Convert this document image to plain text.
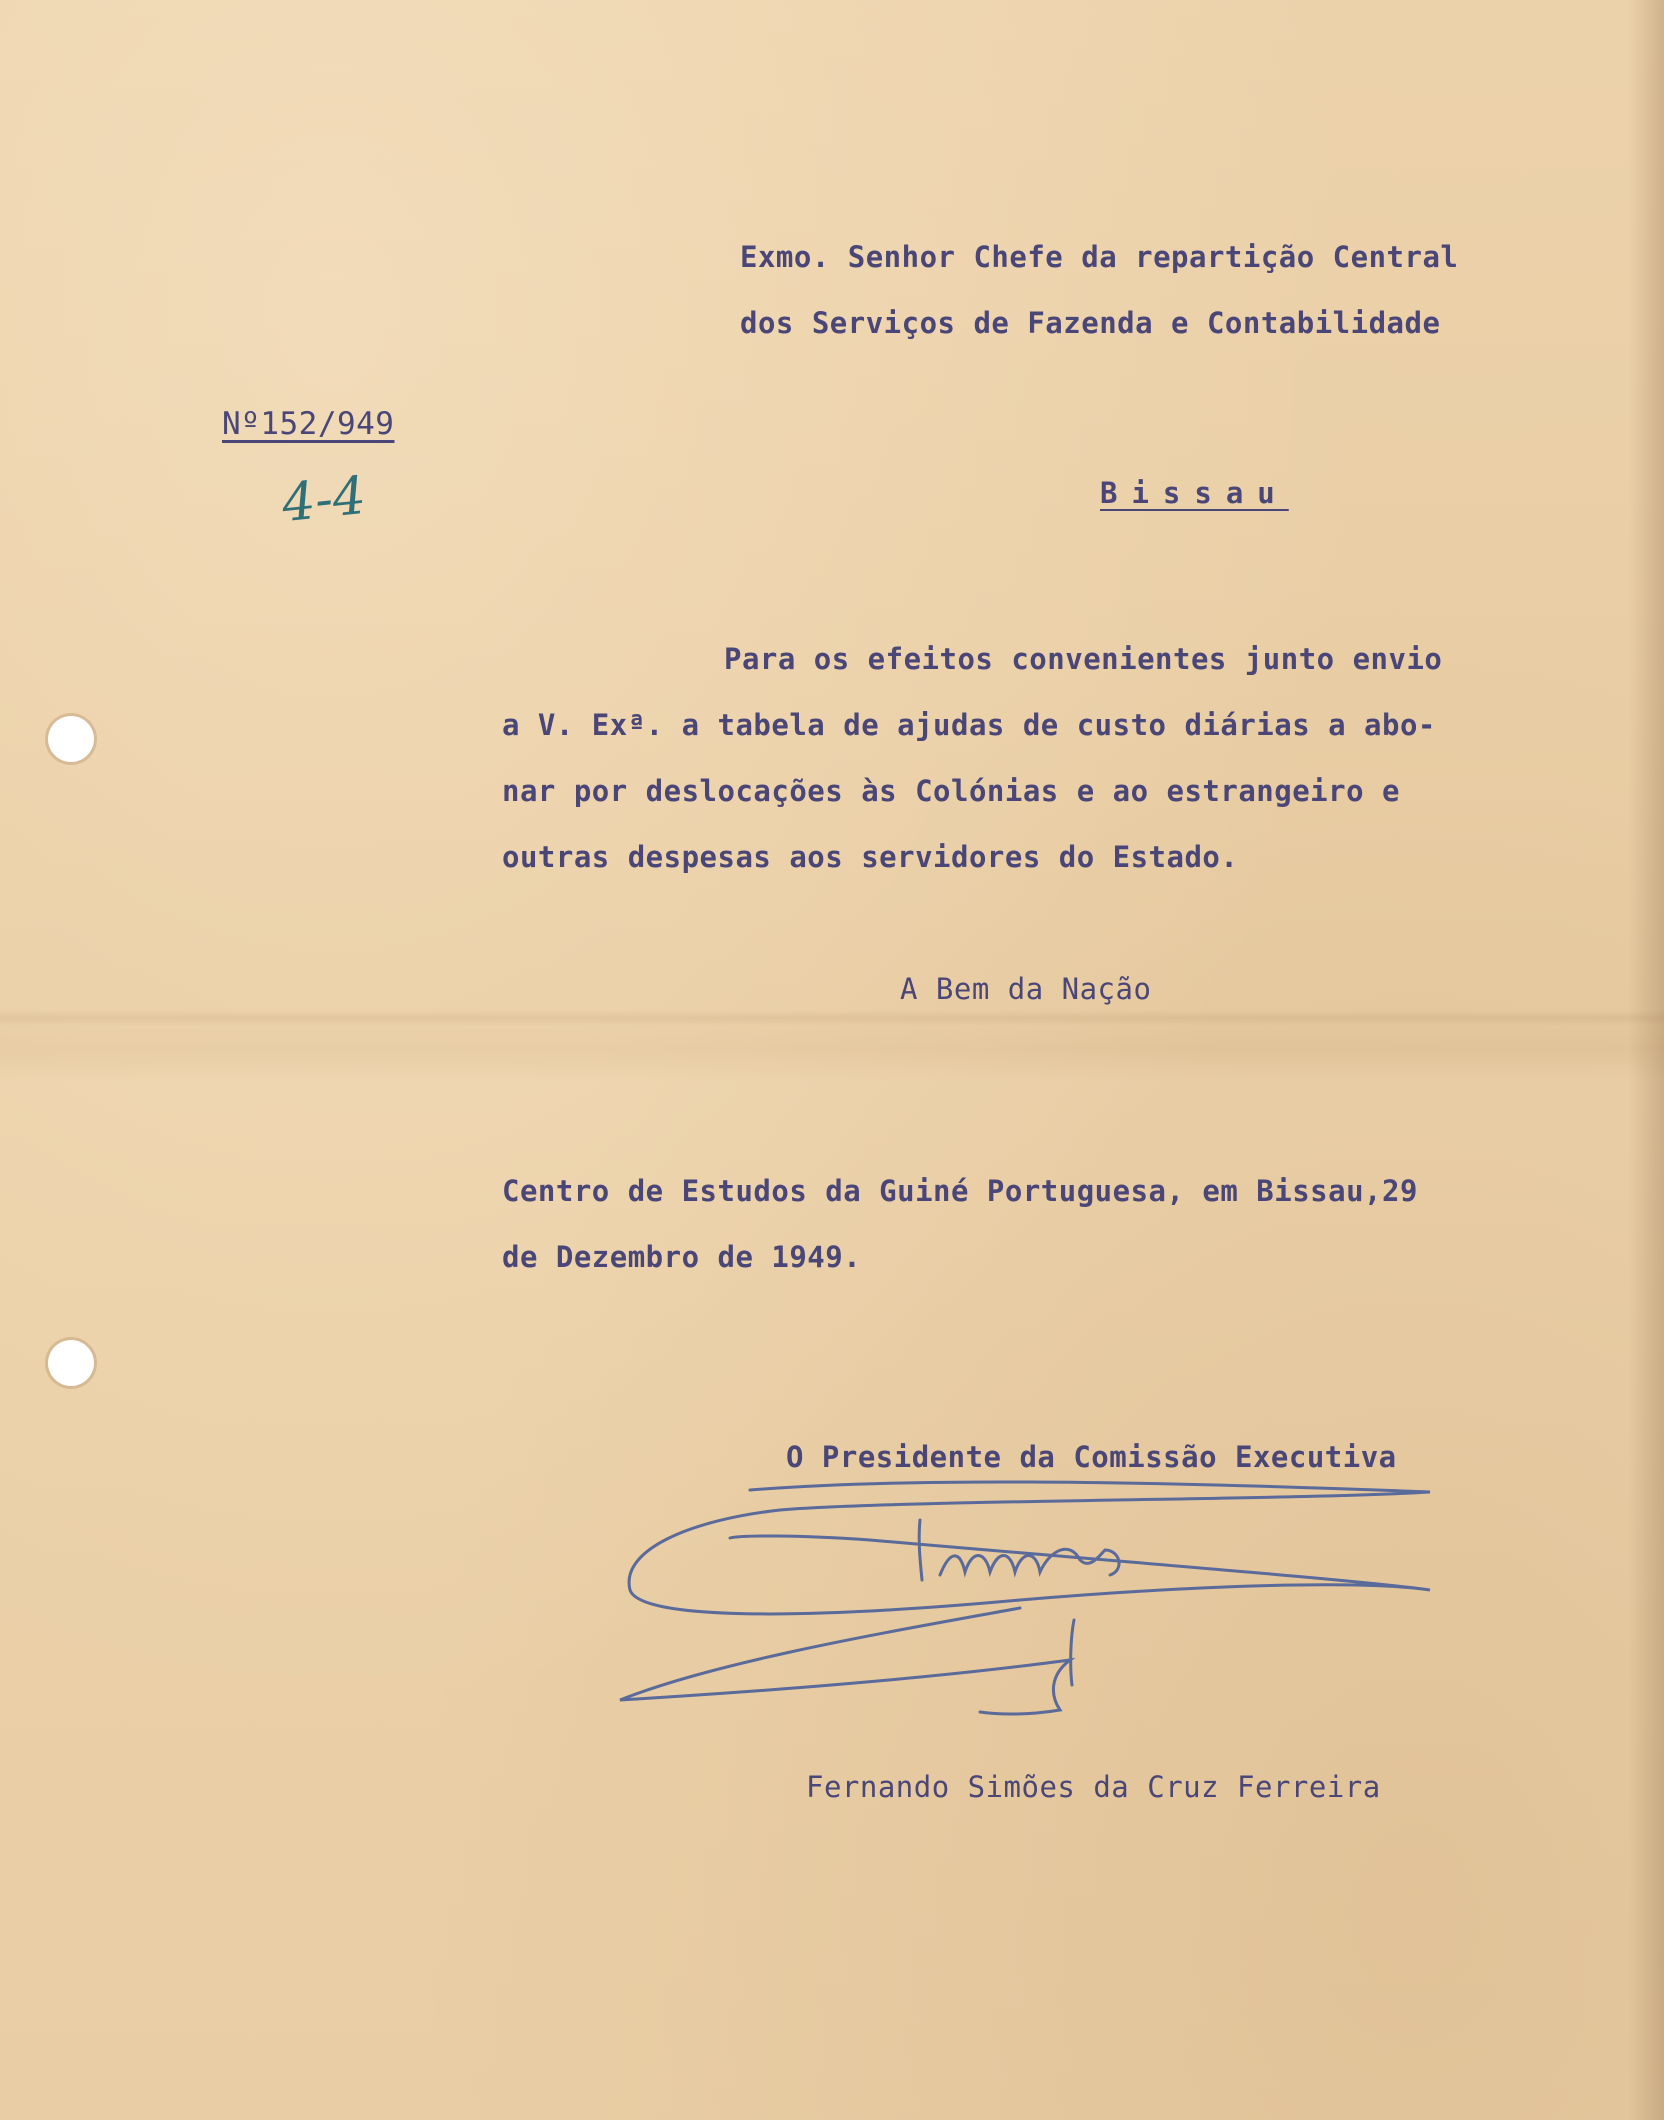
Exmo. Senhor Chefe da repartição Central
dos Serviços de Fazenda e Contabilidade
Nº152/949
4-4	Bissau
Para os efeitos convenientes junto envio
a V. Exª. a tabela de ajudas de custo diárias a abo-
nar por deslocações às Colónias e ao estrangeiro e
outras despesas aos servidores do Estado.
A Bem da Nação
Centro de Estudos da Guiné Portuguesa, em Bissau,29
de Dezembro de 1949.
O Presidente da Comissão Executiva
Fernando Simões da Cruz Ferreira
